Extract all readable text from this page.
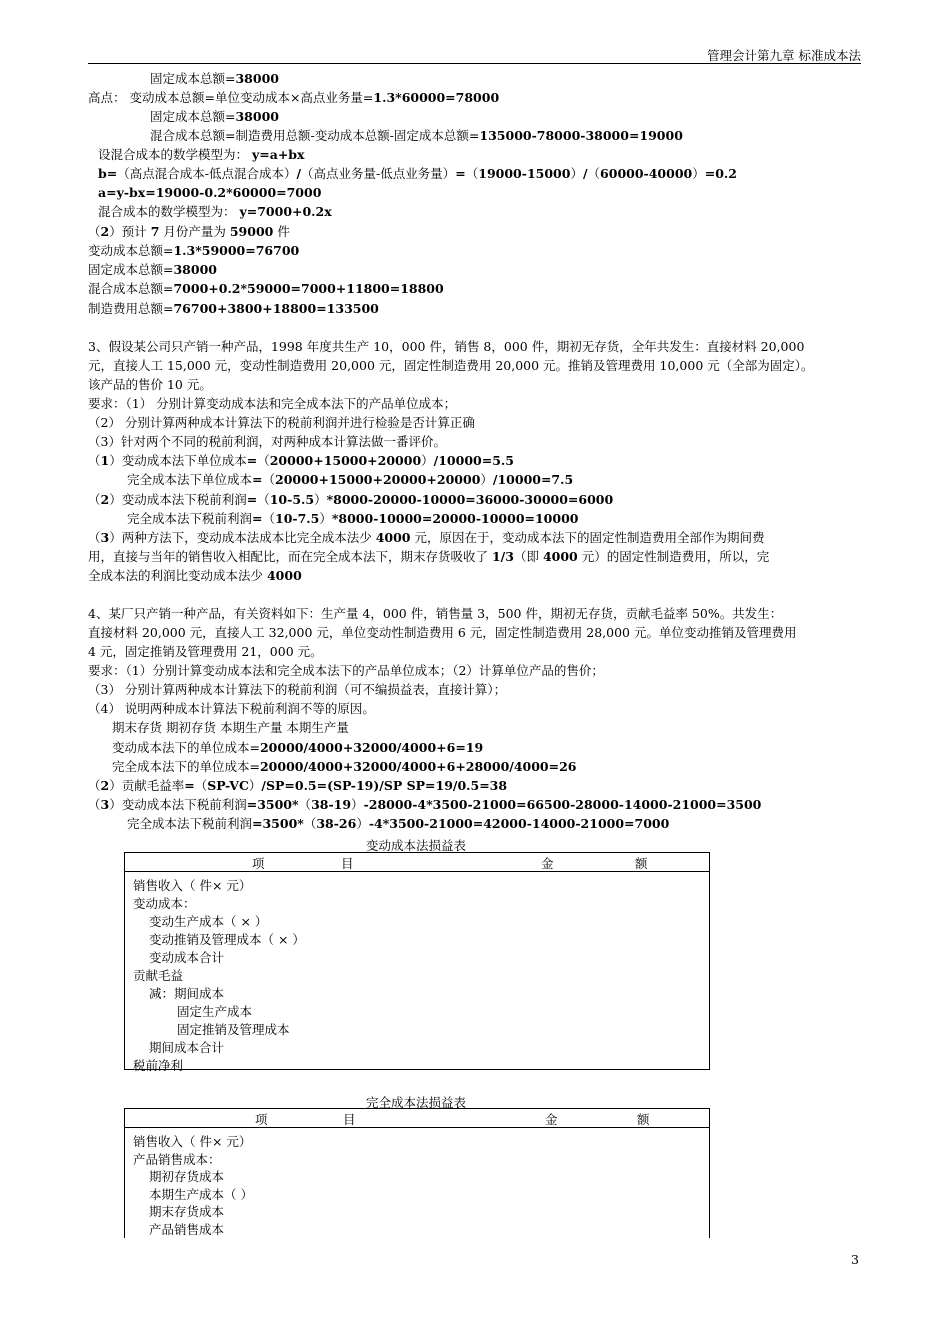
管理会计第九章 标准成本法
固定成本总额=38000
高点： 变动成本总额=单位变动成本×高点业务量=1.3*60000=78000
固定成本总额=38000
混合成本总额=制造费用总额-变动成本总额-固定成本总额=135000-78000-38000=19000
设混合成本的数学模型为： y=a+bx
b=（高点混合成本-低点混合成本）/（高点业务量-低点业务量）=（19000-15000）/（60000-40000）=0.2
a=y-bx=19000-0.2*60000=7000
混合成本的数学模型为： y=7000+0.2x
（2）预计 7 月份产量为 59000 件
变动成本总额=1.3*59000=76700
固定成本总额=38000
混合成本总额=7000+0.2*59000=7000+11800=18800
制造费用总额=76700+3800+18800=133500
3、假设某公司只产销一种产品，1998 年度共生产 10，000 件，销售 8，000 件，期初无存货，全年共发生：直接材料 20,000
元，直接人工 15,000 元，变动性制造费用 20,000 元，固定性制造费用 20,000 元。推销及管理费用 10,000 元（全部为固定）。
该产品的售价 10 元。
要求：（1） 分别计算变动成本法和完全成本法下的产品单位成本；
（2） 分别计算两种成本计算法下的税前利润并进行检验是否计算正确
（3）针对两个不同的税前利润，对两种成本计算法做一番评价。
（1）变动成本法下单位成本=（20000+15000+20000）/10000=5.5
完全成本法下单位成本=（20000+15000+20000+20000）/10000=7.5
（2）变动成本法下税前利润=（10-5.5）*8000-20000-10000=36000-30000=6000
完全成本法下税前利润=（10-7.5）*8000-10000=20000-10000=10000
（3）两种方法下，变动成本法成本比完全成本法少 4000 元，原因在于，变动成本法下的固定性制造费用全部作为期间费
用，直接与当年的销售收入相配比，而在完全成本法下，期末存货吸收了 1/3（即 4000 元）的固定性制造费用，所以，完
全成本法的利润比变动成本法少 4000
4、某厂只产销一种产品，有关资料如下：生产量 4，000 件，销售量 3，500 件，期初无存货，贡献毛益率 50%。共发生：
直接材料 20,000 元，直接人工 32,000 元，单位变动性制造费用 6 元，固定性制造费用 28,000 元。单位变动推销及管理费用
4 元，固定推销及管理费用 21，000 元。
要求：（1）分别计算变动成本法和完全成本法下的产品单位成本；（2）计算单位产品的售价；
（3） 分别计算两种成本计算法下的税前利润（可不编损益表，直接计算）；
（4） 说明两种成本计算法下税前利润不等的原因。
期末存货 期初存货 本期生产量 本期生产量
变动成本法下的单位成本=20000/4000+32000/4000+6=19
完全成本法下的单位成本=20000/4000+32000/4000+6+28000/4000=26
（2）贡献毛益率=（SP-VC）/SP=0.5=(SP-19)/SP SP=19/0.5=38
（3）变动成本法下税前利润=3500*（38-19）-28000-4*3500-21000=66500-28000-14000-21000=3500
完全成本法下税前利润=3500*（38-26）-4*3500-21000=42000-14000-21000=7000
变动成本法损益表
项	目	金	额
销售收入（ 件× 元）
变动成本：
变动生产成本（ × ）
变动推销及管理成本（ × ）
变动成本合计
贡献毛益
减：期间成本
固定生产成本
固定推销及管理成本
期间成本合计
税前净利
完全成本法损益表
项	目	金	额
销售收入（ 件× 元）
产品销售成本：
期初存货成本
本期生产成本（ ）
期末存货成本
产品销售成本
3
